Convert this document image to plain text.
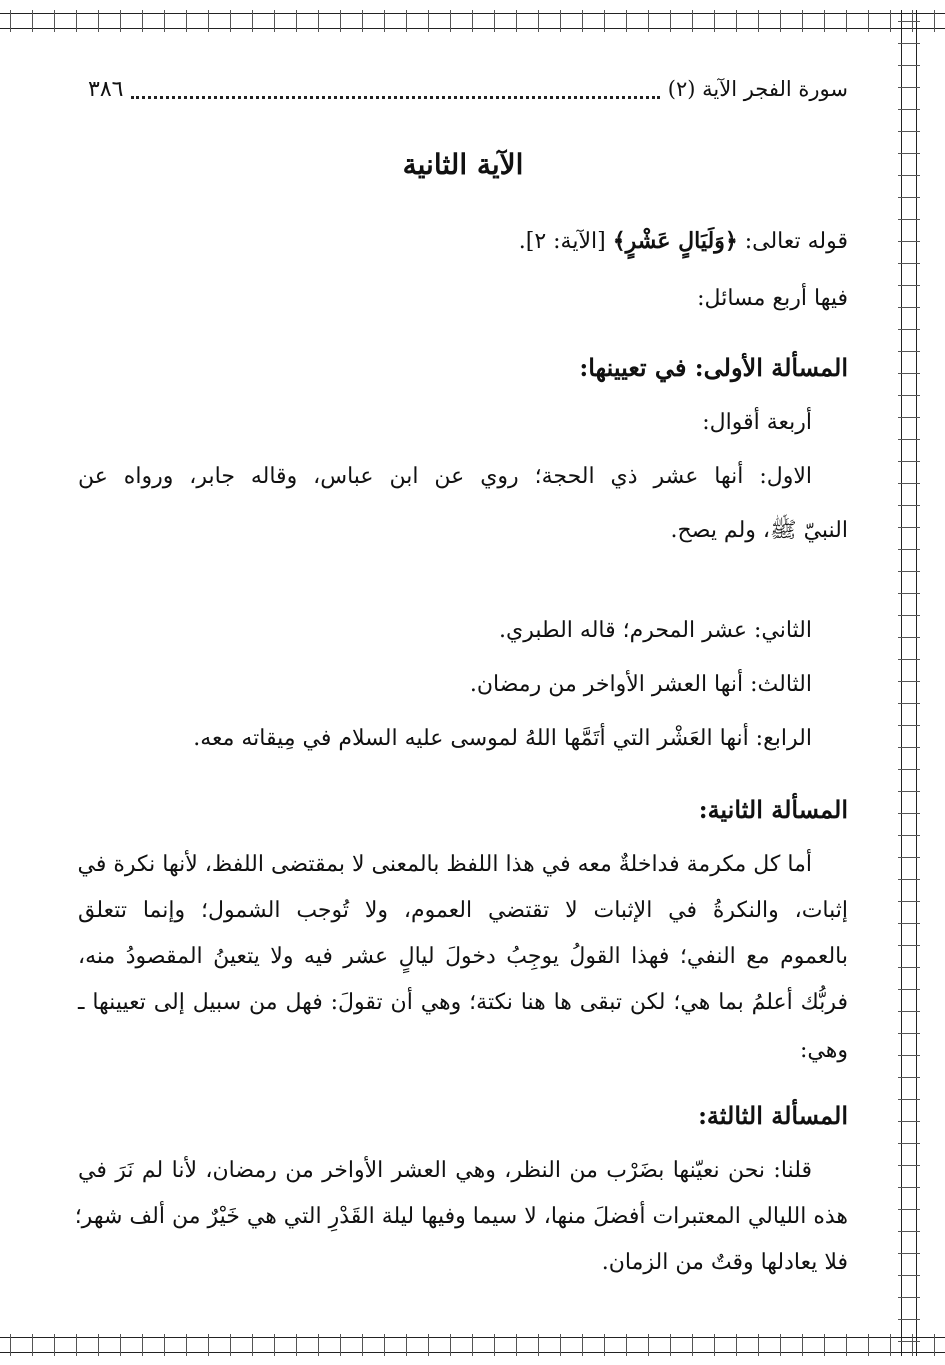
سورة الفجر الآية (٢)
٣٨٦
الآية الثانية
قوله تعالى: ﴿وَلَيَالٍ عَشْرٍ﴾ [الآية: ٢].
فيها أربع مسائل:
المسألة الأولى: في تعيينها:
أربعة أقوال:
الاول: أنها عشر ذي الحجة؛ روي عن ابن عباس، وقاله جابر، ورواه عن
النبيّ ﷺ، ولم يصح.
الثاني: عشر المحرم؛ قاله الطبري.
الثالث: أنها العشر الأواخر من رمضان.
الرابع: أنها العَشْر التي أتَمَّها اللهُ لموسى عليه السلام في مِيقاته معه.
المسألة الثانية:
أما كل مكرمة فداخلةٌ معه في هذا اللفظ بالمعنى لا بمقتضى اللفظ، لأنها نكرة في
إثبات، والنكرةُ في الإثبات لا تقتضي العموم، ولا تُوجب الشمول؛ وإنما تتعلق
بالعموم مع النفي؛ فهذا القولُ يوجِبُ دخولَ ليالٍ عشر فيه ولا يتعينُ المقصودُ منه،
فربُّك أعلمُ بما هي؛ لكن تبقى ها هنا نكتة؛ وهي أن تقولَ: فهل من سبيل إلى تعيينها ـ
وهي:
المسألة الثالثة:
قلنا: نحن نعيّنها بضَرْب من النظر، وهي العشر الأواخر من رمضان، لأنا لم نَرَ في
هذه الليالي المعتبرات أفضلَ منها، لا سيما وفيها ليلة القَدْرِ التي هي خَيْرٌ من ألف شهر؛
فلا يعادلها وقتٌ من الزمان.
